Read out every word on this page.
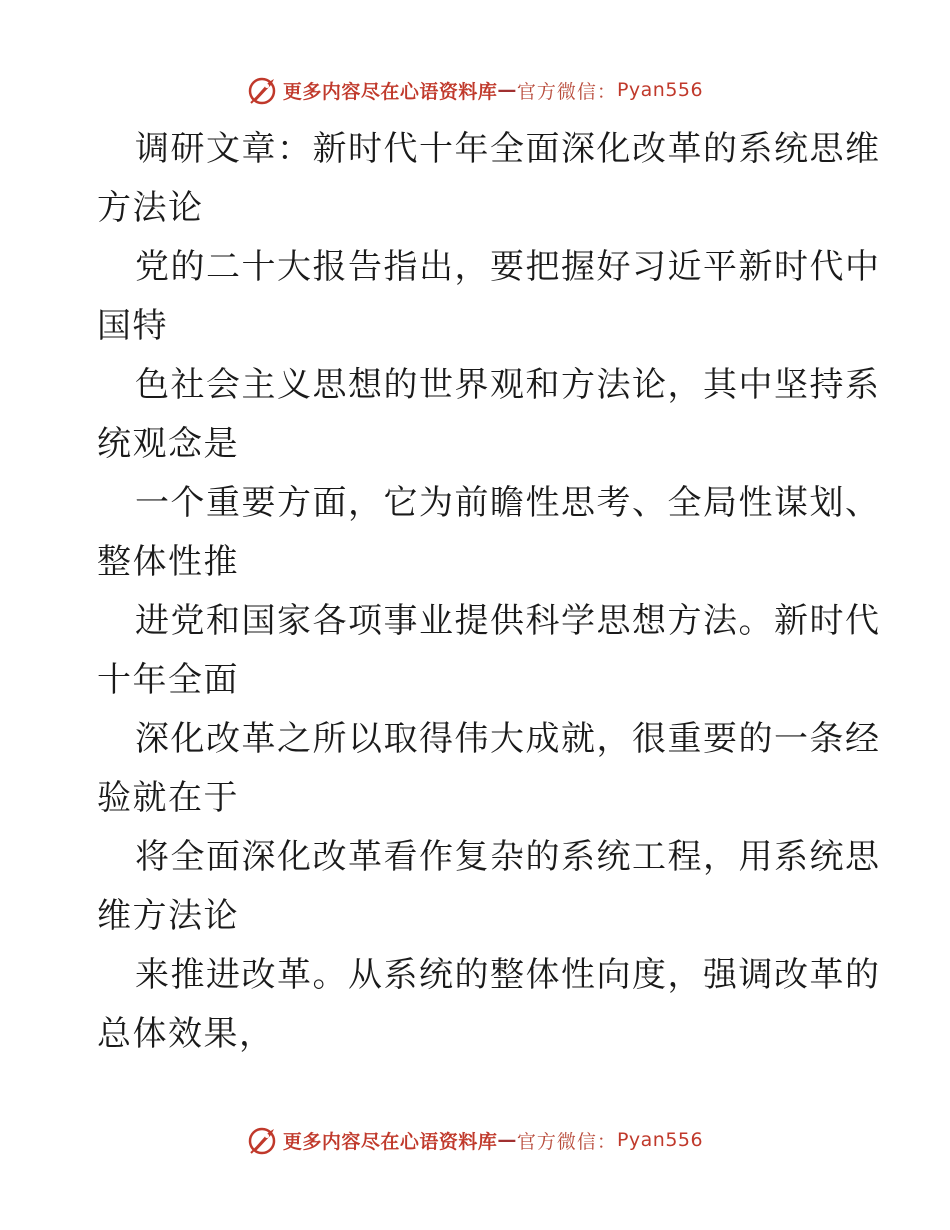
更多内容尽在心语资料库 — 官方微信： Pyan556
调研文章：新时代十年全面深化改革的系统思维
方法论
党的二十大报告指出，要把握好习近平新时代中
国特
色社会主义思想的世界观和方法论，其中坚持系
统观念是
一个重要方面，它为前瞻性思考、全局性谋划、
整体性推
进党和国家各项事业提供科学思想方法。新时代
十年全面
深化改革之所以取得伟大成就，很重要的一条经
验就在于
将全面深化改革看作复杂的系统工程，用系统思
维方法论
来推进改革。从系统的整体性向度，强调改革的
总体效果，
更多内容尽在心语资料库 — 官方微信： Pyan556
